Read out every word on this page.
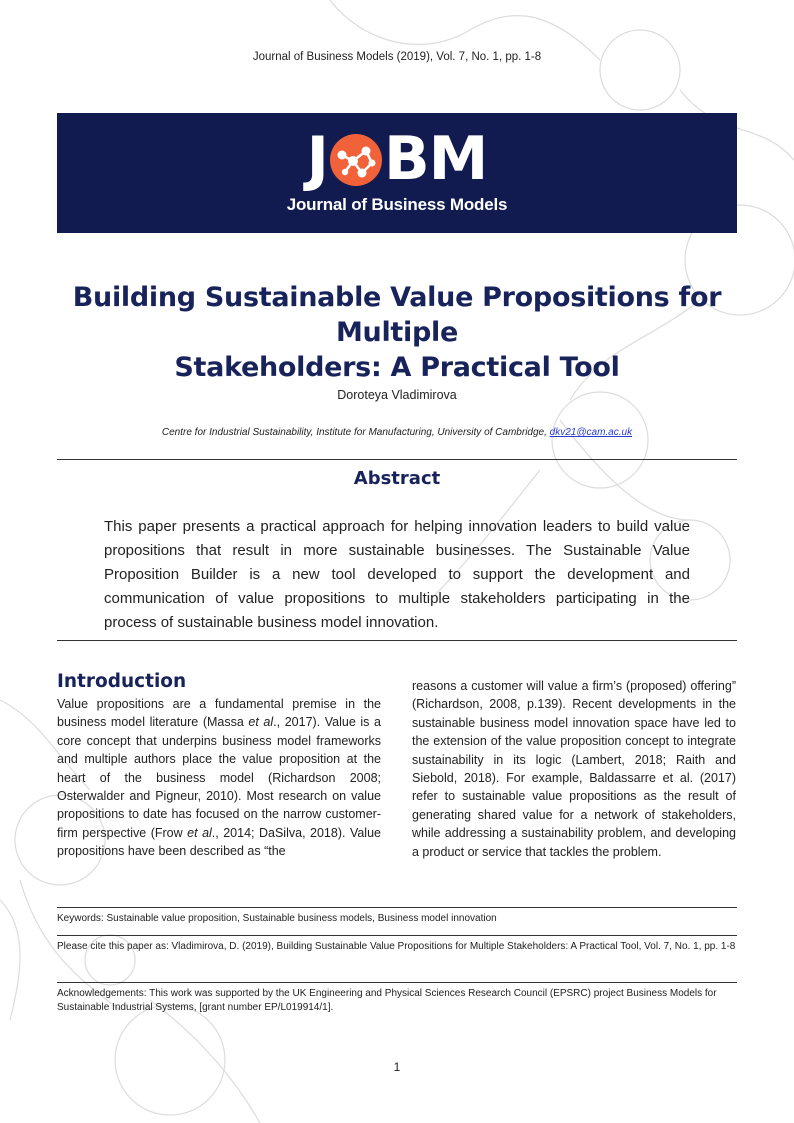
Journal of Business Models (2019), Vol. 7, No. 1, pp. 1-8
J BM
Journal of Business Models
Building Sustainable Value Propositions for Multiple
Stakeholders: A Practical Tool
Doroteya Vladimirova
Centre for Industrial Sustainability, Institute for Manufacturing, University of Cambridge, dkv21@cam.ac.uk
Abstract
This paper presents a practical approach for helping innovation leaders to build value propositions that result in more sustainable businesses. The Sustainable Value Proposition Builder is a new tool developed to support the development and communication of value propositions to multiple stakeholders participating in the process of sustainable business model innovation.
Introduction
Value propositions are a fundamental premise in the business model literature (Massa et al., 2017). Value is a core concept that underpins business model frameworks and multiple authors place the value proposition at the heart of the business model (Richardson 2008; Osterwalder and Pigneur, 2010). Most research on value propositions to date has focused on the narrow customer-firm perspective (Frow et al., 2014; DaSilva, 2018). Value propositions have been described as “the
reasons a customer will value a firm’s (proposed) offering” (Richardson, 2008, p.139). Recent developments in the sustainable business model innovation space have led to the extension of the value proposition concept to integrate sustainability in its logic (Lambert, 2018; Raith and Siebold, 2018). For example, Baldassarre et al. (2017) refer to sustainable value propositions as the result of generating shared value for a network of stakeholders, while addressing a sustainability problem, and developing a product or service that tackles the problem.
Keywords: Sustainable value proposition, Sustainable business models, Business model innovation
Please cite this paper as: Vladimirova, D. (2019), Building Sustainable Value Propositions for Multiple Stakeholders: A Practical Tool, Vol. 7, No. 1, pp. 1-8
Acknowledgements: This work was supported by the UK Engineering and Physical Sciences Research Council (EPSRC) project Business Models for Sustainable Industrial Systems, [grant number EP/L019914/1].
1
